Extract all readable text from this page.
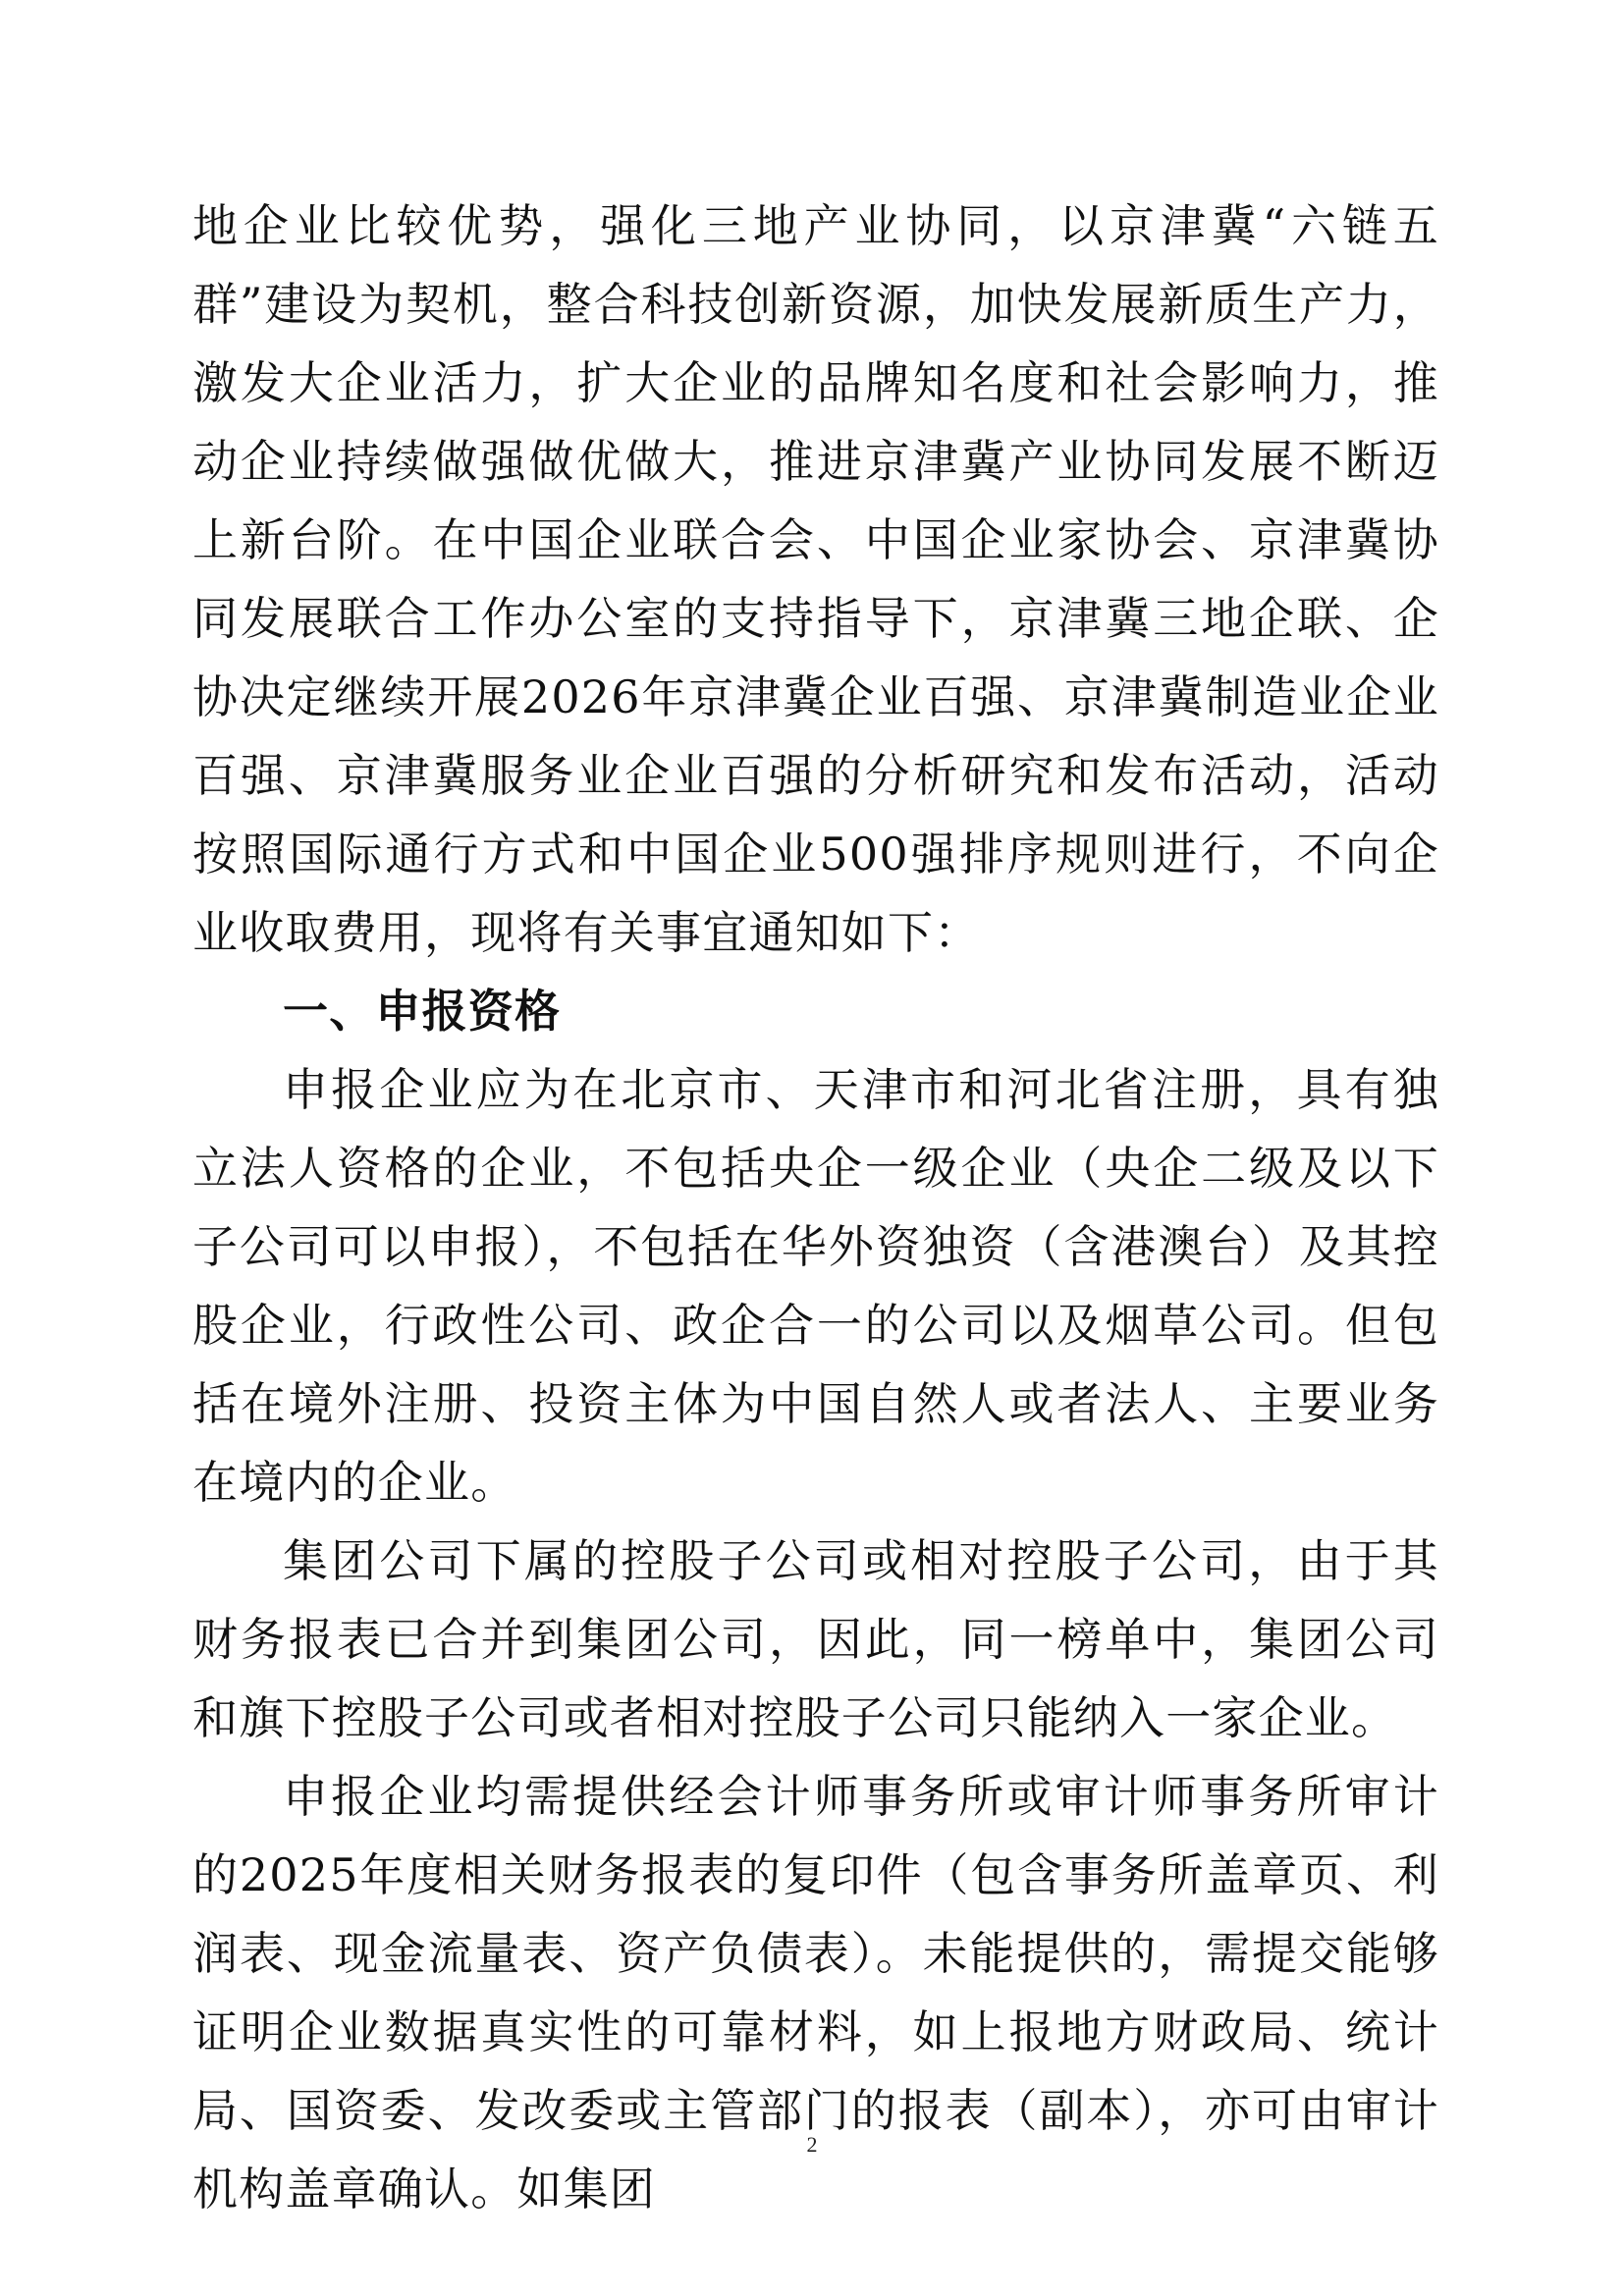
地企业比较优势，强化三地产业协同，以京津冀“六链五群”建设为契机，整合科技创新资源，加快发展新质生产力，激发大企业活力，扩大企业的品牌知名度和社会影响力，推动企业持续做强做优做大，推进京津冀产业协同发展不断迈上新台阶。在中国企业联合会、中国企业家协会、京津冀协同发展联合工作办公室的支持指导下，京津冀三地企联、企协决定继续开展2026年京津冀企业百强、京津冀制造业企业百强、京津冀服务业企业百强的分析研究和发布活动，活动按照国际通行方式和中国企业500强排序规则进行，不向企业收取费用，现将有关事宜通知如下：

一、申报资格

申报企业应为在北京市、天津市和河北省注册，具有独立法人资格的企业，不包括央企一级企业（央企二级及以下子公司可以申报），不包括在华外资独资（含港澳台）及其控股企业，行政性公司、政企合一的公司以及烟草公司。但包括在境外注册、投资主体为中国自然人或者法人、主要业务在境内的企业。

集团公司下属的控股子公司或相对控股子公司，由于其财务报表已合并到集团公司，因此，同一榜单中，集团公司和旗下控股子公司或者相对控股子公司只能纳入一家企业。

申报企业均需提供经会计师事务所或审计师事务所审计的2025年度相关财务报表的复印件（包含事务所盖章页、利润表、现金流量表、资产负债表）。未能提供的，需提交能够证明企业数据真实性的可靠材料，如上报地方财政局、统计局、国资委、发改委或主管部门的报表（副本），亦可由审计机构盖章确认。如集团

2
